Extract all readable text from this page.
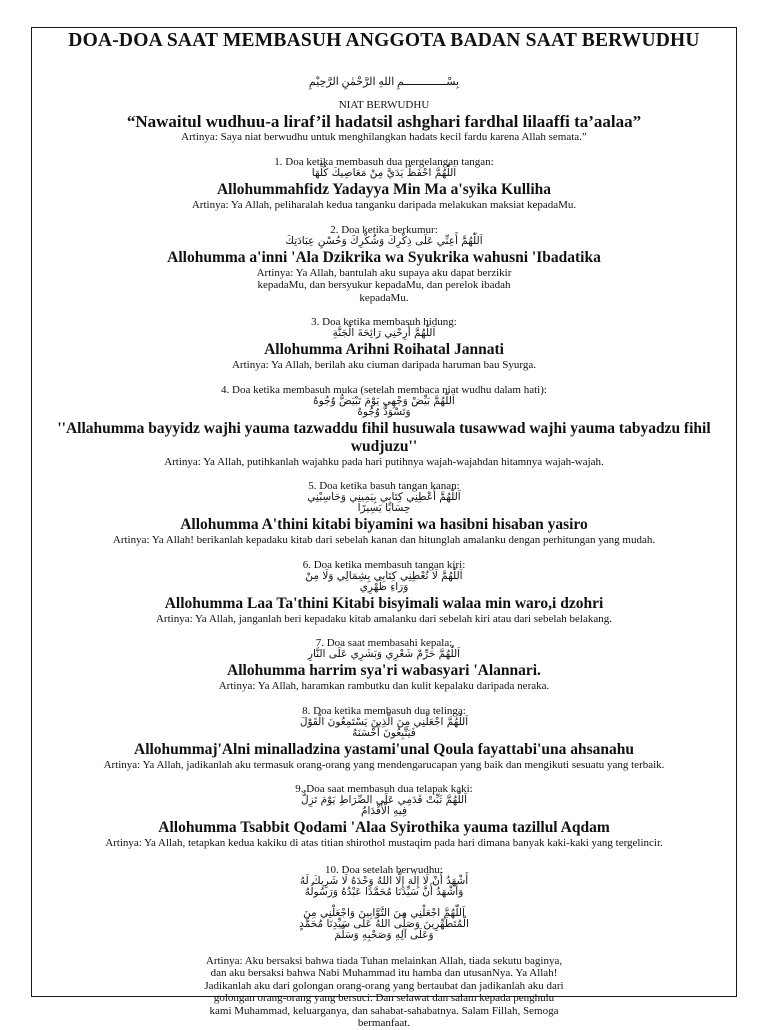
DOA-DOA SAAT MEMBASUH ANGGOTA BADAN SAAT BERWUDHU
بِسْـــــــــــــمِ اللهِ الرَّحْمٰنِ الرَّحِيْمِ
NIAT BERWUDHU
“Nawaitul wudhuu-a liraf’il hadatsil ashghari fardhal lilaaffi ta’aalaa”
Artinya: Saya niat berwudhu untuk menghilangkan hadats kecil fardu karena Allah semata.”
1. Doa ketika membasuh dua pergelangan tangan:
اَللّٰهُمَّ احْفَظْ يَدَيَّ مِنْ مَعَاصِيكَ كُلِّهَا
Allohummahfidz Yadayya Min Ma a'syika Kulliha
Artinya: Ya Allah, peliharalah kedua tanganku daripada melakukan maksiat kepadaMu.
2. Doa ketika berkumur:
اَللّٰهُمَّ أَعِنِّي عَلَى ذِكْرِكَ وَشُكْرِكَ وَحُسْنِ عِبَادَتِكَ
Allohumma a'inni 'Ala Dzikrika wa Syukrika wahusni 'Ibadatika
Artinya: Ya Allah, bantulah aku supaya aku dapat berzikir kepadaMu, dan bersyukur kepadaMu, dan perelok ibadah kepadaMu.
3. Doa ketika membasuh hidung:
اَللّٰهُمَّ أَرِحْنِي رَائِحَةَ الْجَنَّةِ
Allohumma Arihni Roihatal Jannati
Artinya: Ya Allah, berilah aku ciuman daripada haruman bau Syurga.
4. Doa ketika membasuh muka (setelah membaca niat wudhu dalam hati):
اَللّٰهُمَّ بَيِّضْ وَجْهِي يَوْمَ تَبْيَضُّ وُجُوهٌ وَتَسْوَدُّ وُجُوهٌ
''Allahumma bayyidz wajhi yauma tazwaddu fihil husuwala tusawwad wajhi yauma tabyadzu fihil wudjuzu''
Artinya: Ya Allah, putihkanlah wajahku pada hari putihnya wajah-wajahdan hitamnya wajah-wajah.
5. Doa ketika basuh tangan kanan:
اَللّٰهُمَّ أَعْطِنِي كِتَابِي بِيَمِينِي وَحَاسِبْنِي حِسَابًا يَسِيرًا
Allohumma A'thini kitabi biyamini wa hasibni hisaban yasiro
Artinya: Ya Allah! berikanlah kepadaku kitab dari sebelah kanan dan hitunglah amalanku dengan perhitungan yang mudah.
6. Doa ketika membasuh tangan kiri:
اَللّٰهُمَّ لَا تُعْطِنِي كِتَابِي بِشِمَالِي وَلَا مِنْ وَرَاءِ ظَهْرِي
Allohumma Laa Ta'thini Kitabi bisyimali walaa min waro,i dzohri
Artinya: Ya Allah, janganlah beri kepadaku kitab amalanku dari sebelah kiri atau dari sebelah belakang.
7. Doa saat membasahi kepala:
اَللّٰهُمَّ حَرِّمْ شَعْرِي وَبَشَرِي عَلَى النَّارِ
Allohumma harrim sya'ri wabasyari 'Alannari.
Artinya: Ya Allah, haramkan rambutku dan kulit kepalaku daripada neraka.
8. Doa ketika membasuh dua telinga:
اَللّٰهُمَّ اجْعَلْنِي مِنَ الَّذِينَ يَسْتَمِعُونَ الْقَوْلَ فَيَتَّبِعُونَ أَحْسَنَهُ
Allohummaj'Alni minalladzina yastami'unal Qoula fayattabi'una ahsanahu
Artinya: Ya Allah, jadikanlah aku termasuk orang-orang yang mendengarucapan yang baik dan mengikuti sesuatu yang terbaik.
9. Doa saat membasuh dua telapak kaki:
اَللّٰهُمَّ ثَبِّتْ قَدَمِي عَلَى الصِّرَاطِ يَوْمَ تَزِلُّ فِيهِ الْأَقْدَامُ
Allohumma Tsabbit Qodami 'Alaa Syirothika yauma tazillul Aqdam
Artinya: Ya Allah, tetapkan kedua kakiku di atas titian shirothol mustaqim pada hari dimana banyak kaki-kaki yang tergelincir.
10. Doa setelah berwudhu:
أَشْهَدُ أَنْ لَا إِلٰهَ إِلَّا اللهُ وَحْدَهُ لَا شَرِيكَ لَهُ وَأَشْهَدُ أَنَّ سَيِّدَنَا مُحَمَّدًا عَبْدُهُ وَرَسُولُهُ
اَللّٰهُمَّ اجْعَلْنِي مِنَ التَّوَّابِينَ وَاجْعَلْنِي مِنَ الْمُتَطَهِّرِينَ وَصَلَّى اللهُ عَلَى سَيِّدِنَا مُحَمَّدٍ وَعَلَى آلِهِ وَصَحْبِهِ وَسَلَّمَ
Artinya: Aku bersaksi bahwa tiada Tuhan melainkan Allah, tiada sekutu baginya, dan aku bersaksi bahwa Nabi Muhammad itu hamba dan utusanNya. Ya Allah! Jadikanlah aku dari golongan orang-orang yang bertaubat dan jadikanlah aku dari golongan orang-orang yang bersuci. Dan selawat dan salam kepada penghulu kami Muhammad, keluarganya, dan sahabat-sahabatnya. Salam Fillah, Semoga bermanfaat.
